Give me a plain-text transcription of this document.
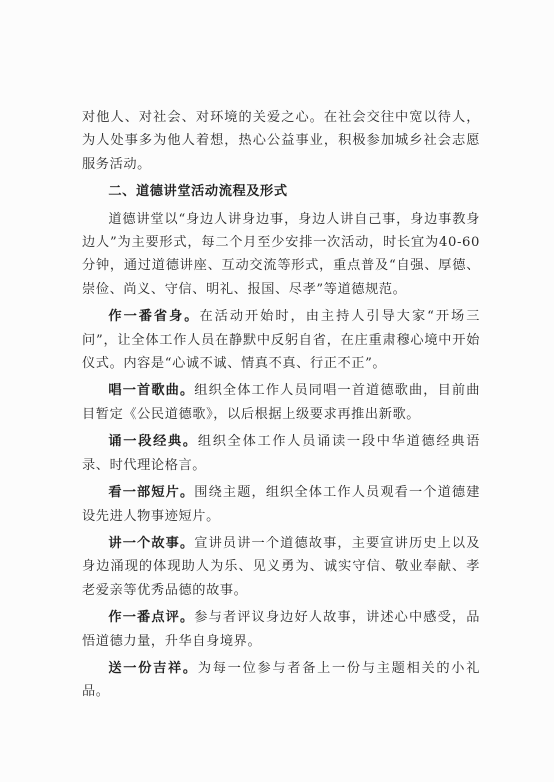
对他人、对社会、对环境的关爱之心。在社会交往中宽以待人，为人处事多为他人着想，热心公益事业，积极参加城乡社会志愿服务活动。

二、道德讲堂活动流程及形式

道德讲堂以“身边人讲身边事，身边人讲自己事，身边事教身边人”为主要形式，每二个月至少安排一次活动，时长宜为40-60分钟，通过道德讲座、互动交流等形式，重点普及“自强、厚德、崇俭、尚义、守信、明礼、报国、尽孝”等道德规范。

作一番省身。在活动开始时，由主持人引导大家“开场三问”，让全体工作人员在静默中反躬自省，在庄重肃穆心境中开始仪式。内容是“心诚不诚、情真不真、行正不正”。

唱一首歌曲。组织全体工作人员同唱一首道德歌曲，目前曲目暂定《公民道德歌》，以后根据上级要求再推出新歌。

诵一段经典。组织全体工作人员诵读一段中华道德经典语录、时代理论格言。

看一部短片。围绕主题，组织全体工作人员观看一个道德建设先进人物事迹短片。

讲一个故事。宣讲员讲一个道德故事，主要宣讲历史上以及身边涌现的体现助人为乐、见义勇为、诚实守信、敬业奉献、孝老爱亲等优秀品德的故事。

作一番点评。参与者评议身边好人故事，讲述心中感受，品悟道德力量，升华自身境界。

送一份吉祥。为每一位参与者备上一份与主题相关的小礼品。
